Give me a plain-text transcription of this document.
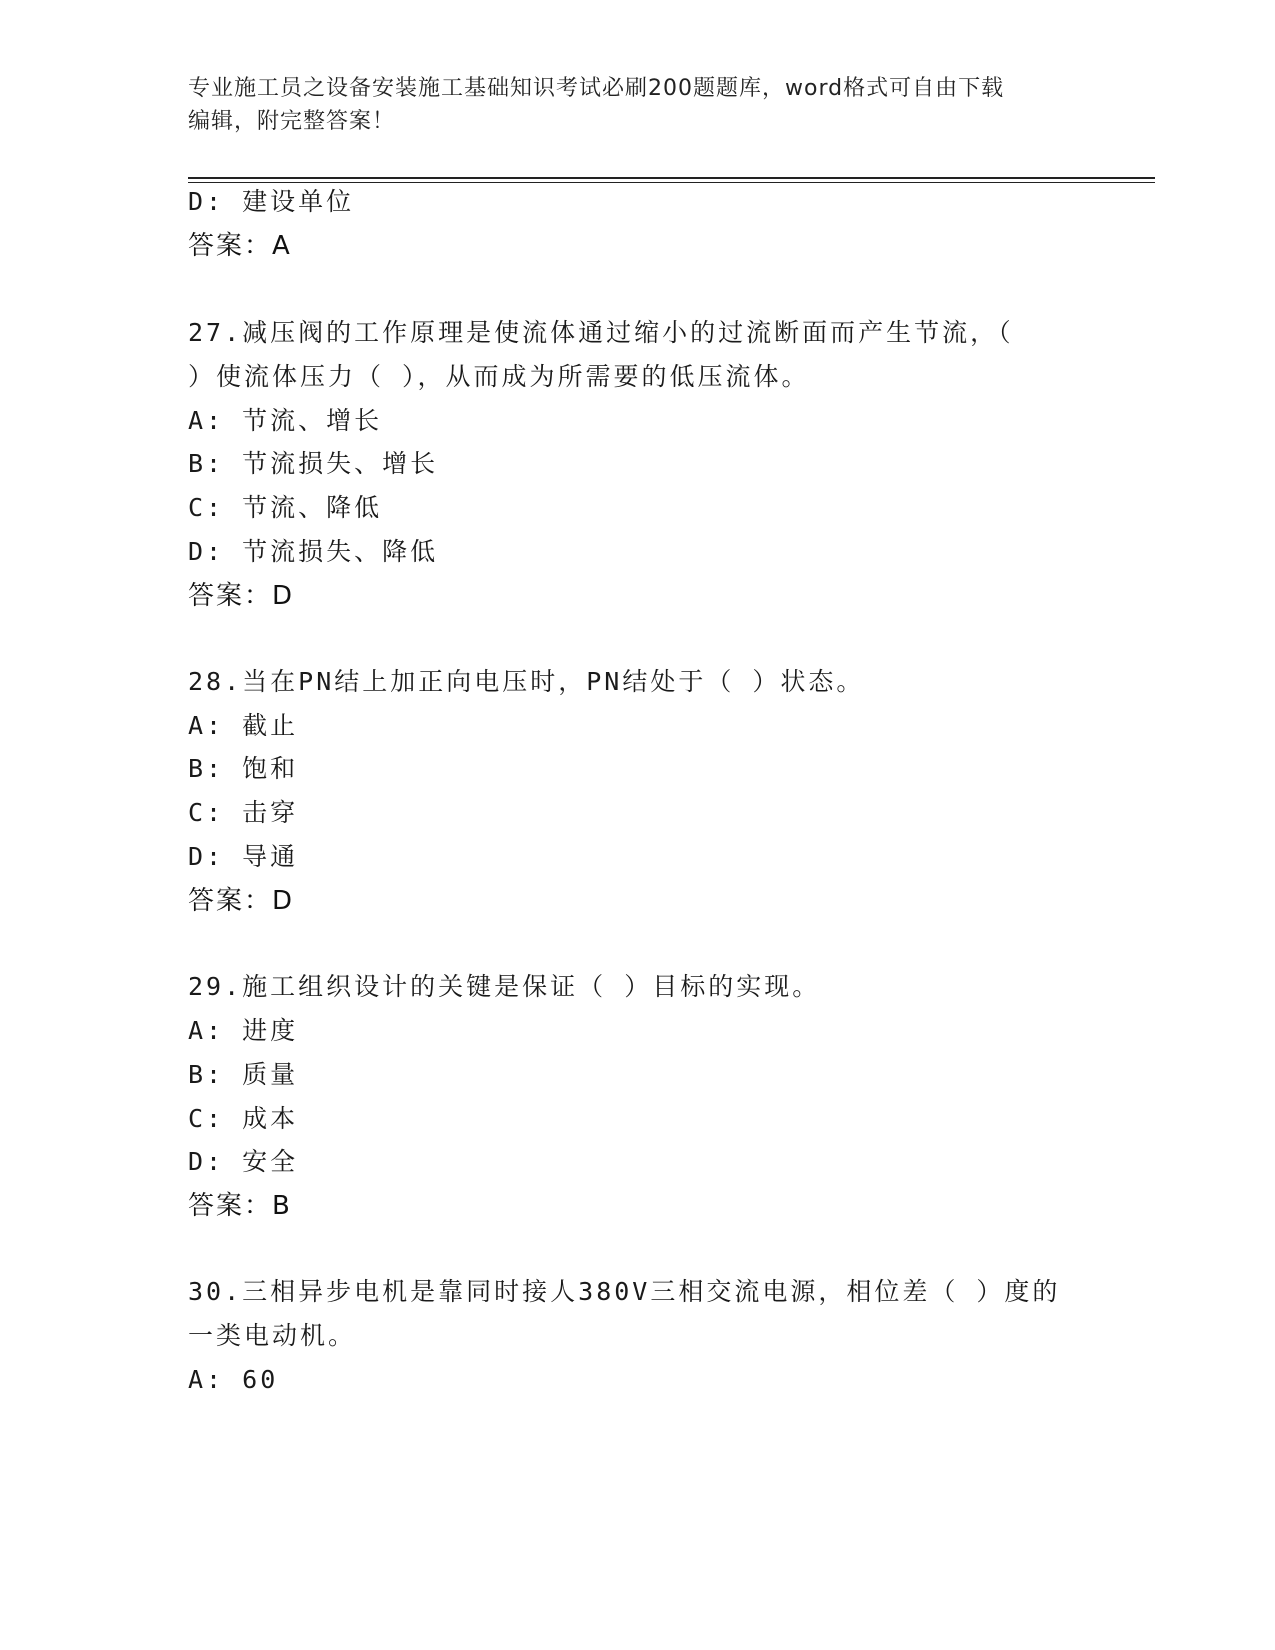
专业施工员之设备安装施工基础知识考试必刷200题题库，word格式可自由下载
编辑，附完整答案！
D: 建设单位
答案：A
27.减压阀的工作原理是使流体通过缩小的过流断面而产生节流，（
）使流体压力（ ），从而成为所需要的低压流体。
A: 节流、增长
B: 节流损失、增长
C: 节流、降低
D: 节流损失、降低
答案：D
28.当在PN结上加正向电压时，PN结处于（ ）状态。
A: 截止
B: 饱和
C: 击穿
D: 导通
答案：D
29.施工组织设计的关键是保证（ ）目标的实现。
A: 进度
B: 质量
C: 成本
D: 安全
答案：B
30.三相异步电机是靠同时接人380V三相交流电源，相位差（ ）度的
一类电动机。
A: 60
